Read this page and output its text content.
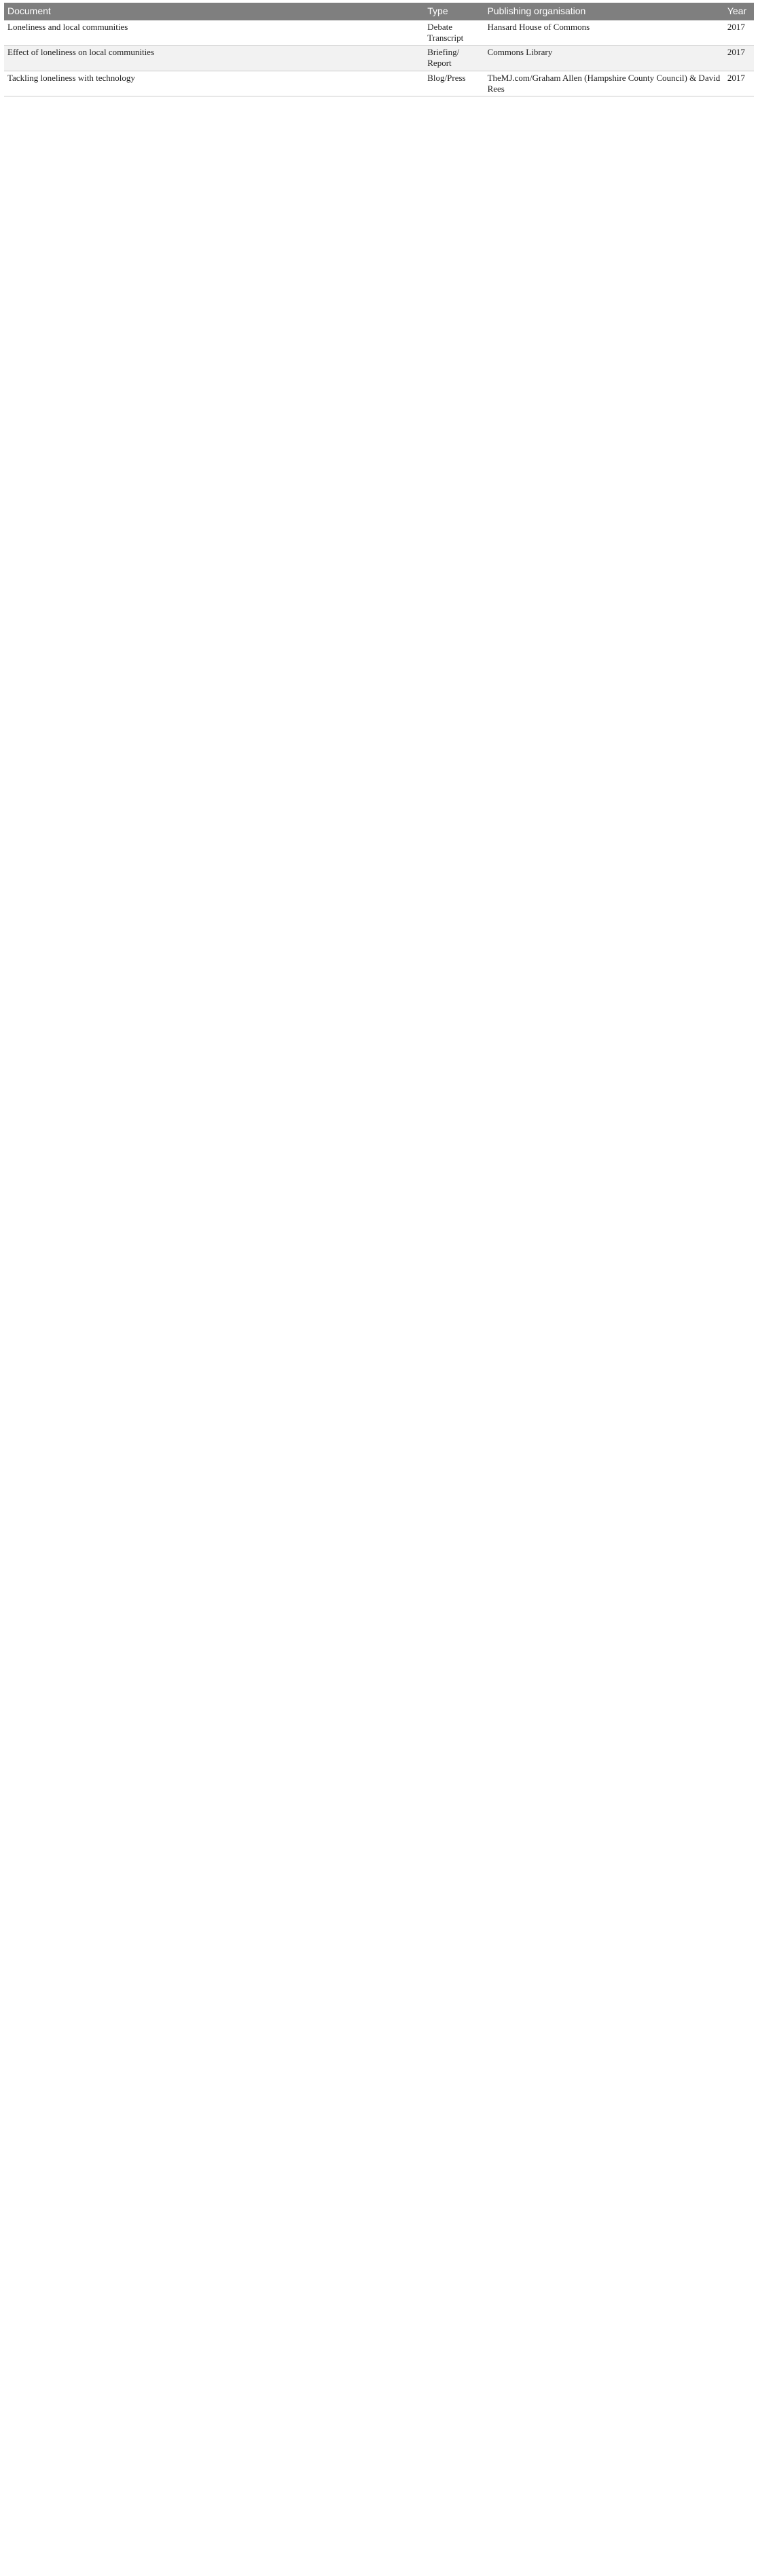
Document	Type	Publishing organisation	Year
Loneliness and local communities	Debate Transcript	Hansard House of Commons	2017
Effect of loneliness on local communities	Briefing/ Report	Commons Library	2017
Tackling loneliness with technology	Blog/Press	TheMJ.com/Graham Allen (Hampshire County Council) & David Rees	2017
